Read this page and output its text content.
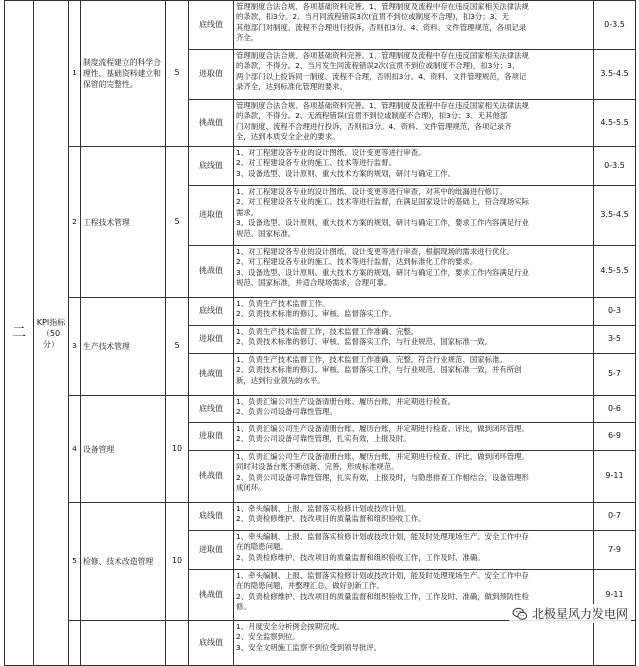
二	KPI指标（50分）	1	制度流程建立的科学合理性，基础资料建立和保管的完整性。	5	底线值	管理制度合法合规、各项基础资料完善。1、管理制度及流程中存在违反国家相关法律法规
的条款，扣3分。2、当月同流程错误3次(宜贯不到位或制度不合理)，扣3分；3、无
其他部门对制度、流程不合理进行投诉，否则扣3分。4、资料、文件管理规范，各项记录
齐全。	0-3.5
					进取值	管理制度合法合规、各项基础资料完善。1、管理制度及流程中存在违反国家相关法律法规
的条款，不得分。2、当月发生同流程错误2次(宜贯不到位或制度不合理)，扣3分；3、
两个部门以上投诉同一制度、流程不合理，否则扣3分。4、资料、文件管理规范，各项记
录齐全，达到标准化管理的要求。	3.5-4.5
					挑战值	管理制度合法合规、各项基础资料完善。1、管理制度及流程中存在违反国家相关法律法规
的条款，不得分。2、无流程错误(宜贯不到位或制度不合理)，扣3分；3、无其他部
门对制度、流程不合理进行投诉，否则扣3分。4、资料、文件管理规范，各项记录齐
全，达到本质安全企业的要求。	4.5-5.5
		2	工程技术管理	5	底线值	1、对工程建设各专业的设计图纸、设计变更等进行审查。
2、对工程建设各专业的施工、技术等进行监督。
3、设备选型、设计原则、重大技术方案的规划，研讨与确定工作。	0-3.5
					进取值	1、对工程建设各专业的设计图纸、设计变更等进行审查，对其中的纰漏进行修订。
2、对工程建设各专业的施工、技术等进行监督，在满足国家设计的基础上，符合现场实际
需求。
3、设备选型、设计原则、重大技术方案的规划，研讨与确定工作，要求工作内容满足行业
规范、国家标准。	3.5-4.5
					挑战值	1、对工程建设各专业的设计图纸、设计变更等进行审查，根据现场的需求进行优化。
2、对工程建设各专业的施工、技术等进行监督，达到标准化工作的要求。
3、设备选型、设计原则、重大技术方案的规划，研讨与确定工作，要求工作内容满足行业
规范、国家标准，并适合现场需求，合理可靠。	4.5-5.5
		3	生产技术管理	5	底线值	1、负责生产技术监督工作。
2、负责技术标准的修订、审核、监督落实工作。	0-3
					进取值	1、负责生产技术监督工作，技术监督工作准确、完整。
2、负责技术标准的修订、审核、监督落实工作，与行业规范、国家标准一致。	3-5
					挑战值	1、负责生产技术监督工作，技术监督工作准确、完整，符合行业规范、国家标准。
2、负责技术标准的修订、审核、监督落实工作，与行业规范、国家标准一致，并有所创
新，达到行业领先的水平。	5-7
		4	设备管理	10	底线值	1、负责汇编公司生产设备清册台账、履历台账，并定期进行检查。
2、负责公司设备可靠性管理。	0-6
					进取值	1、负责汇编公司生产设备清册台账、履历台账，并定期进行检查、评比，做到闭环管理。
2、负责公司设备可靠性管理，扎实有效，上报及时。	6-9
					挑战值	1、负责汇编公司生产设备清册台账、履历台账，并定期进行检查、评比，做到闭环管理。
同时对设备台账不断创新、完善，形成标准规范。
2、负责公司设备可靠性管理，扎实有效，上报及时，与隐患排查工作相结合，设备管理形
成闭环。	9-11
		5	检修、技术改造管理	10	底线值	1、牵头编制、上报、监督落实检修计划或技改计划。
2、负责检修维护、技改项目的质量监督和组织验收工作。	0-7
					进取值	1、牵头编制、上报、监督落实检修计划或技改计划，能及时处理现场生产、安全工作中存
在的隐患问题。
2、负责检修维护、技改项目的质量监督和组织验收工作，工作及时、准确。	7-9
					挑战值	1、牵头编制、上报、监督落实检修计划或技改计划，能及时处理现场生产、安全工作中存
在的隐患问题，并整理汇总，做好创新工作。
2、负责检修维护、技改项目的质量监督和组织验收工作，工作及时、准确，做到预防性检
修。	9-11
					底线值	1、月度安全分析例会按期完成。
2、安全监察到位。
3、安全文明施工监察不到位受到领导批评。	

北极星风力发电网
